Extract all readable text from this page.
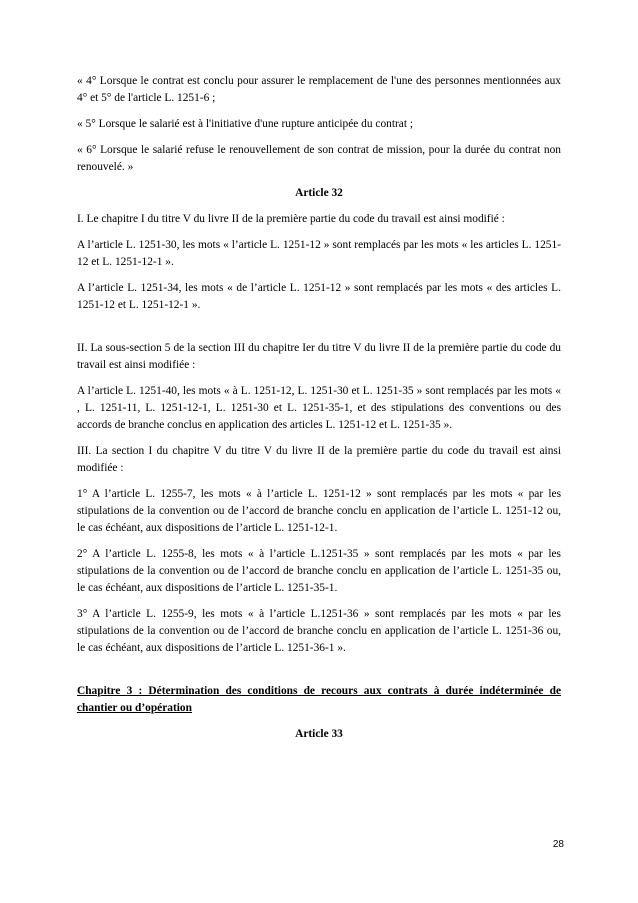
« 4° Lorsque le contrat est conclu pour assurer le remplacement de l'une des personnes mentionnées aux 4° et 5° de l'article L. 1251-6 ;

« 5° Lorsque le salarié est à l'initiative d'une rupture anticipée du contrat ;

« 6° Lorsque le salarié refuse le renouvellement de son contrat de mission, pour la durée du contrat non renouvelé. »

Article 32

I. Le chapitre I du titre V du livre II de la première partie du code du travail est ainsi modifié :

A l’article L. 1251-30, les mots « l’article L. 1251-12 » sont remplacés par les mots « les articles L. 1251-12 et L. 1251-12-1 ».

A l’article L. 1251-34, les mots « de l’article L. 1251-12 » sont remplacés par les mots « des articles L. 1251-12 et L. 1251-12-1 ».

II. La sous-section 5 de la section III du chapitre Ier du titre V du livre II de la première partie du code du travail est ainsi modifiée :

A l’article L. 1251-40, les mots « à L. 1251-12, L. 1251-30 et L. 1251-35 » sont remplacés par les mots « , L. 1251-11, L. 1251-12-1, L. 1251-30 et L. 1251-35-1, et des stipulations des conventions ou des accords de branche conclus en application des articles L. 1251-12 et L. 1251-35 ».

III. La section I du chapitre V du titre V du livre II de la première partie du code du travail est ainsi modifiée :

1° A l’article L. 1255-7, les mots « à l’article L. 1251-12 » sont remplacés par les mots « par les stipulations de la convention ou de l’accord de branche conclu en application de l’article L. 1251-12 ou, le cas échéant, aux dispositions de l’article L. 1251-12-1.

2° A l’article L. 1255-8, les mots « à l’article L.1251-35 » sont remplacés par les mots « par les stipulations de la convention ou de l’accord de branche conclu en application de l’article L. 1251-35 ou, le cas échéant, aux dispositions de l’article L. 1251-35-1.

3° A l’article L. 1255-9, les mots « à l’article L.1251-36 » sont remplacés par les mots « par les stipulations de la convention ou de l’accord de branche conclu en application de l’article L. 1251-36 ou, le cas échéant, aux dispositions de l’article L. 1251-36-1 ».

Chapitre 3 : Détermination des conditions de recours aux contrats à durée indéterminée de chantier ou d’opération
Article 33
28
